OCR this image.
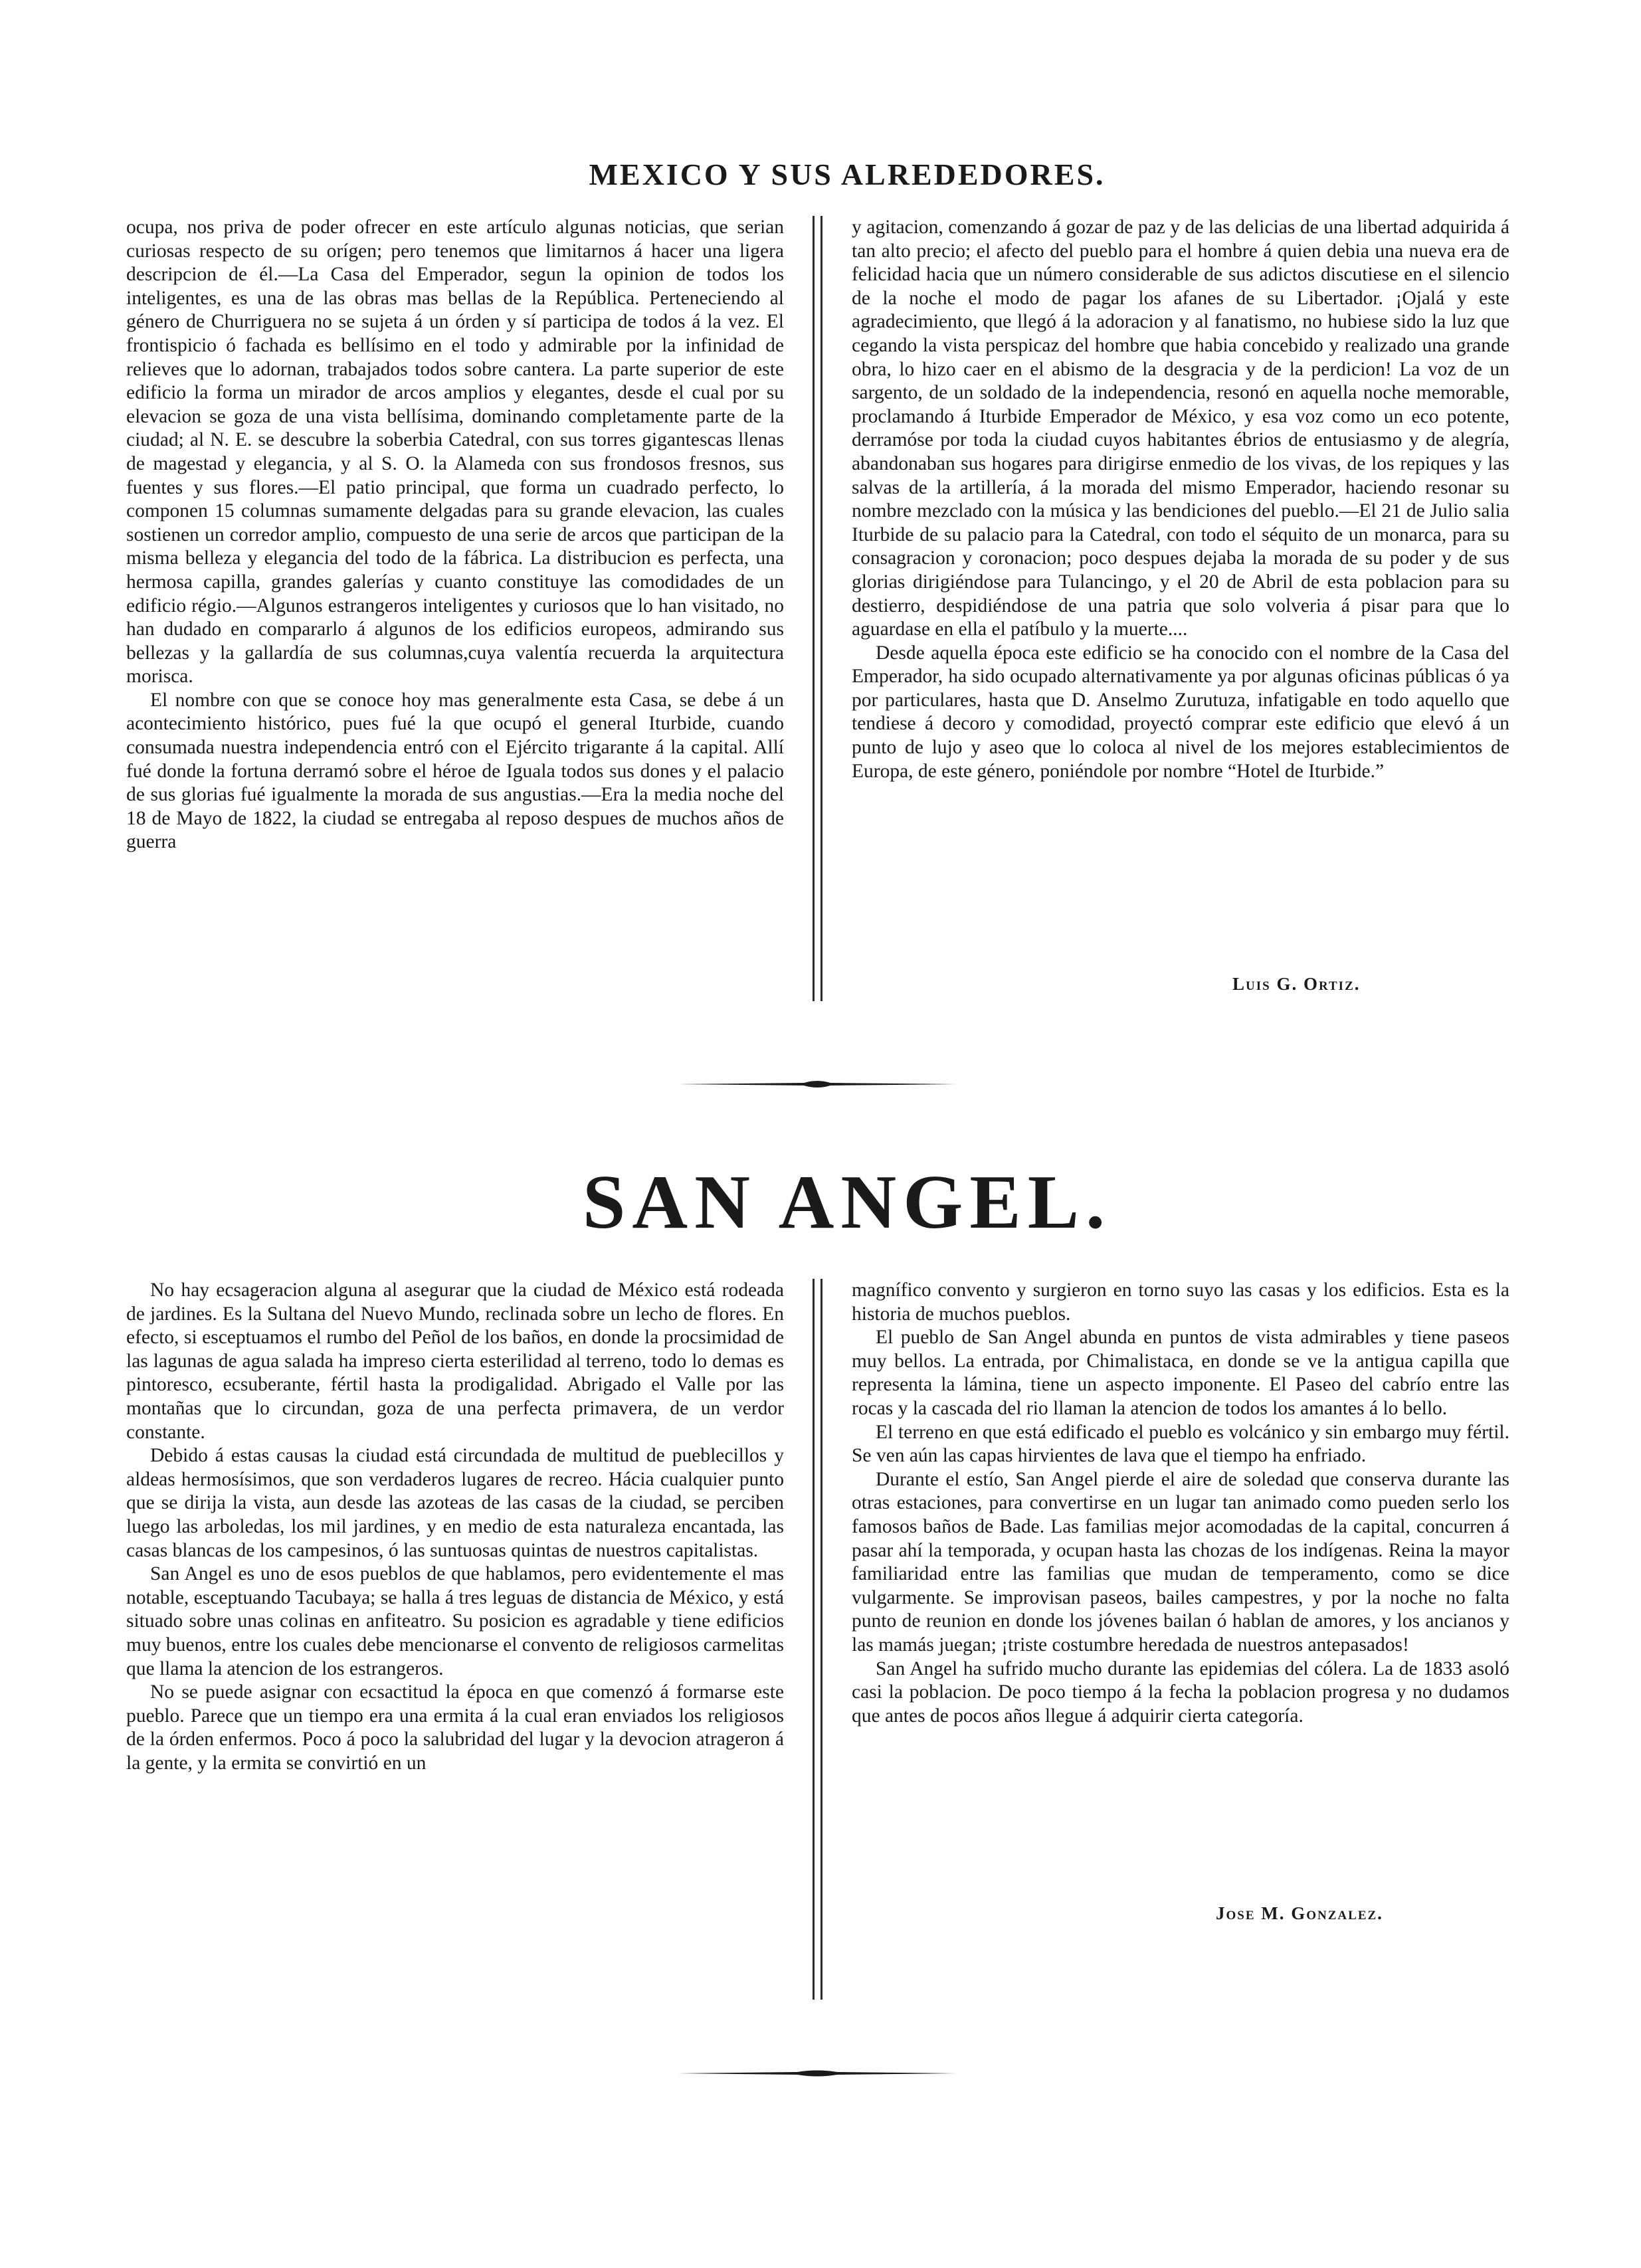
MEXICO Y SUS ALREDEDORES.

ocupa, nos priva de poder ofrecer en este artículo algunas noticias, que serian curiosas respecto de su orígen; pero tenemos que limitarnos á hacer una ligera descripcion de él.—La Casa del Emperador, segun la opinion de todos los inteligentes, es una de las obras mas bellas de la República. Perteneciendo al género de Churriguera no se sujeta á un órden y sí participa de todos á la vez. El frontispicio ó fachada es bellísimo en el todo y admirable por la infinidad de relieves que lo adornan, trabajados todos sobre cantera. La parte superior de este edificio la forma un mirador de arcos amplios y elegantes, desde el cual por su elevacion se goza de una vista bellísima, dominando completamente parte de la ciudad; al N. E. se descubre la soberbia Catedral, con sus torres gigantescas llenas de magestad y elegancia, y al S. O. la Alameda con sus frondosos fresnos, sus fuentes y sus flores.—El patio principal, que forma un cuadrado perfecto, lo componen 15 columnas sumamente delgadas para su grande elevacion, las cuales sostienen un corredor amplio, compuesto de una serie de arcos que participan de la misma belleza y elegancia del todo de la fábrica. La distribucion es perfecta, una hermosa capilla, grandes galerías y cuanto constituye las comodidades de un edificio régio.—Algunos estrangeros inteligentes y curiosos que lo han visitado, no han dudado en compararlo á algunos de los edificios europeos, admirando sus bellezas y la gallardía de sus columnas,cuya valentía recuerda la arquitectura morisca.

El nombre con que se conoce hoy mas generalmente esta Casa, se debe á un acontecimiento histórico, pues fué la que ocupó el general Iturbide, cuando consumada nuestra independencia entró con el Ejército trigarante á la capital. Allí fué donde la fortuna derramó sobre el héroe de Iguala todos sus dones y el palacio de sus glorias fué igualmente la morada de sus angustias.—Era la media noche del 18 de Mayo de 1822, la ciudad se entregaba al reposo despues de muchos años de guerra

y agitacion, comenzando á gozar de paz y de las delicias de una libertad adquirida á tan alto precio; el afecto del pueblo para el hombre á quien debia una nueva era de felicidad hacia que un número considerable de sus adictos discutiese en el silencio de la noche el modo de pagar los afanes de su Libertador. ¡Ojalá y este agradecimiento, que llegó á la adoracion y al fanatismo, no hubiese sido la luz que cegando la vista perspicaz del hombre que habia concebido y realizado una grande obra, lo hizo caer en el abismo de la desgracia y de la perdicion! La voz de un sargento, de un soldado de la independencia, resonó en aquella noche memorable, proclamando á Iturbide Emperador de México, y esa voz como un eco potente, derramóse por toda la ciudad cuyos habitantes ébrios de entusiasmo y de alegría, abandonaban sus hogares para dirigirse enmedio de los vivas, de los repiques y las salvas de la artillería, á la morada del mismo Emperador, haciendo resonar su nombre mezclado con la música y las bendiciones del pueblo.—El 21 de Julio salia Iturbide de su palacio para la Catedral, con todo el séquito de un monarca, para su consagracion y coronacion; poco despues dejaba la morada de su poder y de sus glorias dirigiéndose para Tulancingo, y el 20 de Abril de esta poblacion para su destierro, despidiéndose de una patria que solo volveria á pisar para que lo aguardase en ella el patíbulo y la muerte....

Desde aquella época este edificio se ha conocido con el nombre de la Casa del Emperador, ha sido ocupado alternativamente ya por algunas oficinas públicas ó ya por particulares, hasta que D. Anselmo Zurutuza, infatigable en todo aquello que tendiese á decoro y comodidad, proyectó comprar este edificio que elevó á un punto de lujo y aseo que lo coloca al nivel de los mejores establecimientos de Europa, de este género, poniéndole por nombre “Hotel de Iturbide.”

Luis G. Ortiz.
SAN ANGEL.

No hay ecsageracion alguna al asegurar que la ciudad de México está rodeada de jardines. Es la Sultana del Nuevo Mundo, reclinada sobre un lecho de flores. En efecto, si esceptuamos el rumbo del Peñol de los baños, en donde la procsimidad de las lagunas de agua salada ha impreso cierta esterilidad al terreno, todo lo demas es pintoresco, ecsuberante, fértil hasta la prodigalidad. Abrigado el Valle por las montañas que lo circundan, goza de una perfecta primavera, de un verdor constante.

Debido á estas causas la ciudad está circundada de multitud de pueblecillos y aldeas hermosísimos, que son verdaderos lugares de recreo. Hácia cualquier punto que se dirija la vista, aun desde las azoteas de las casas de la ciudad, se perciben luego las arboledas, los mil jardines, y en medio de esta naturaleza encantada, las casas blancas de los campesinos, ó las suntuosas quintas de nuestros capitalistas.

San Angel es uno de esos pueblos de que hablamos, pero evidentemente el mas notable, esceptuando Tacubaya; se halla á tres leguas de distancia de México, y está situado sobre unas colinas en anfiteatro. Su posicion es agradable y tiene edificios muy buenos, entre los cuales debe mencionarse el convento de religiosos carmelitas que llama la atencion de los estrangeros.

No se puede asignar con ecsactitud la época en que comenzó á formarse este pueblo. Parece que un tiempo era una ermita á la cual eran enviados los religiosos de la órden enfermos. Poco á poco la salubridad del lugar y la devocion atrageron á la gente, y la ermita se convirtió en un

magnífico convento y surgieron en torno suyo las casas y los edificios. Esta es la historia de muchos pueblos.

El pueblo de San Angel abunda en puntos de vista admirables y tiene paseos muy bellos. La entrada, por Chimalistaca, en donde se ve la antigua capilla que representa la lámina, tiene un aspecto imponente. El Paseo del cabrío entre las rocas y la cascada del rio llaman la atencion de todos los amantes á lo bello.

El terreno en que está edificado el pueblo es volcánico y sin embargo muy fértil. Se ven aún las capas hirvientes de lava que el tiempo ha enfriado.

Durante el estío, San Angel pierde el aire de soledad que conserva durante las otras estaciones, para convertirse en un lugar tan animado como pueden serlo los famosos baños de Bade. Las familias mejor acomodadas de la capital, concurren á pasar ahí la temporada, y ocupan hasta las chozas de los indígenas. Reina la mayor familiaridad entre las familias que mudan de temperamento, como se dice vulgarmente. Se improvisan paseos, bailes campestres, y por la noche no falta punto de reunion en donde los jóvenes bailan ó hablan de amores, y los ancianos y las mamás juegan; ¡triste costumbre heredada de nuestros antepasados!

San Angel ha sufrido mucho durante las epidemias del cólera. La de 1833 asoló casi la poblacion. De poco tiempo á la fecha la poblacion progresa y no dudamos que antes de pocos años llegue á adquirir cierta categoría.

Jose M. Gonzalez.
